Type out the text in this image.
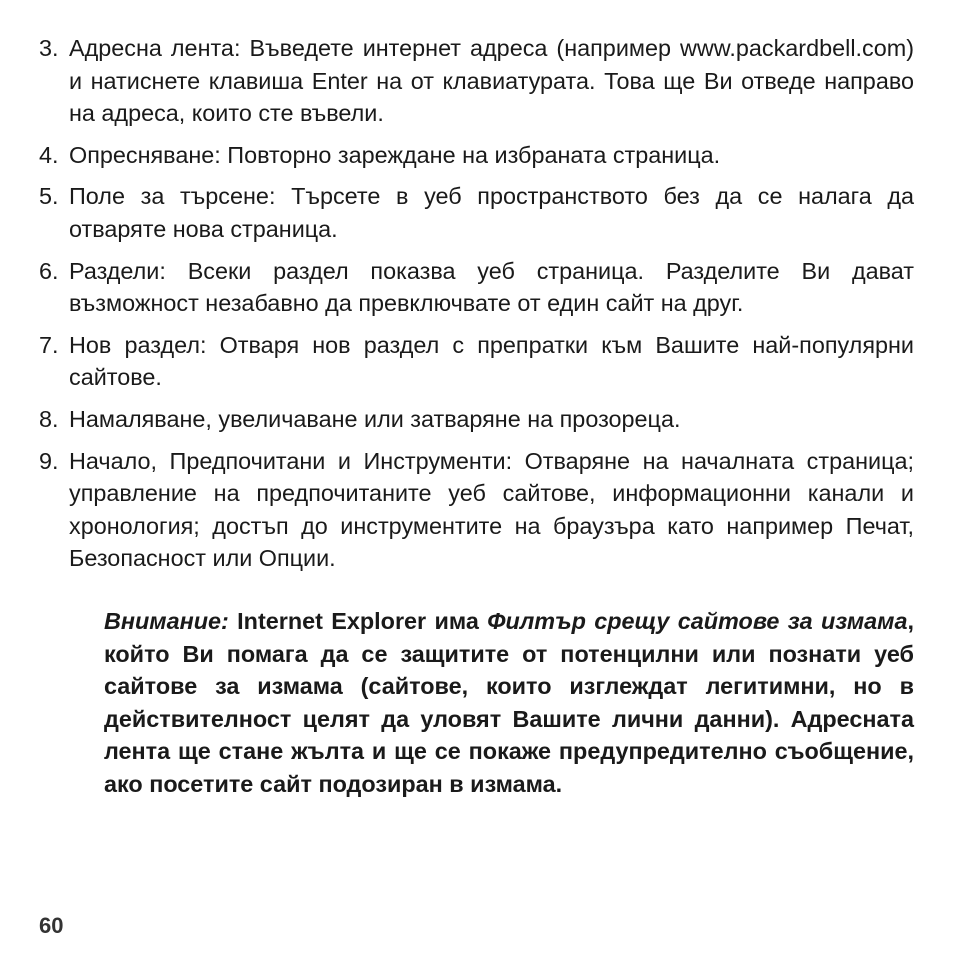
3. Адресна лента: Въведете интернет адреса (например www.packardbell.com) и натиснете клавиша Enter на от клавиатурата. Това ще Ви отведе направо на адреса, които сте въвели.
4. Опресняване: Повторно зареждане на избраната страница.
5. Поле за търсене: Търсете в уеб пространството без да се налага да отваряте нова страница.
6. Раздели: Всеки раздел показва уеб страница. Разделите Ви дават възможност незабавно да превключвате от един сайт на друг.
7. Нов раздел: Отваря нов раздел с препратки към Вашите най-популярни сайтове.
8. Намаляване, увеличаване или затваряне на прозореца.
9. Начало, Предпочитани и Инструменти: Отваряне на началната страница; управление на предпочитаните уеб сайтове, информационни канали и хронология; достъп до инструментите на браузъра като например Печат, Безопасност или Опции.

Внимание: Internet Explorer има Филтър срещу сайтове за измама, който Ви помага да се защитите от потенцилни или познати уеб сайтове за измама (сайтове, които изглеждат легитимни, но в действителност целят да уловят Вашите лични данни). Адресната лента ще стане жълта и ще се покаже предупредително съобщение, ако посетите сайт подозиран в измама.

60
